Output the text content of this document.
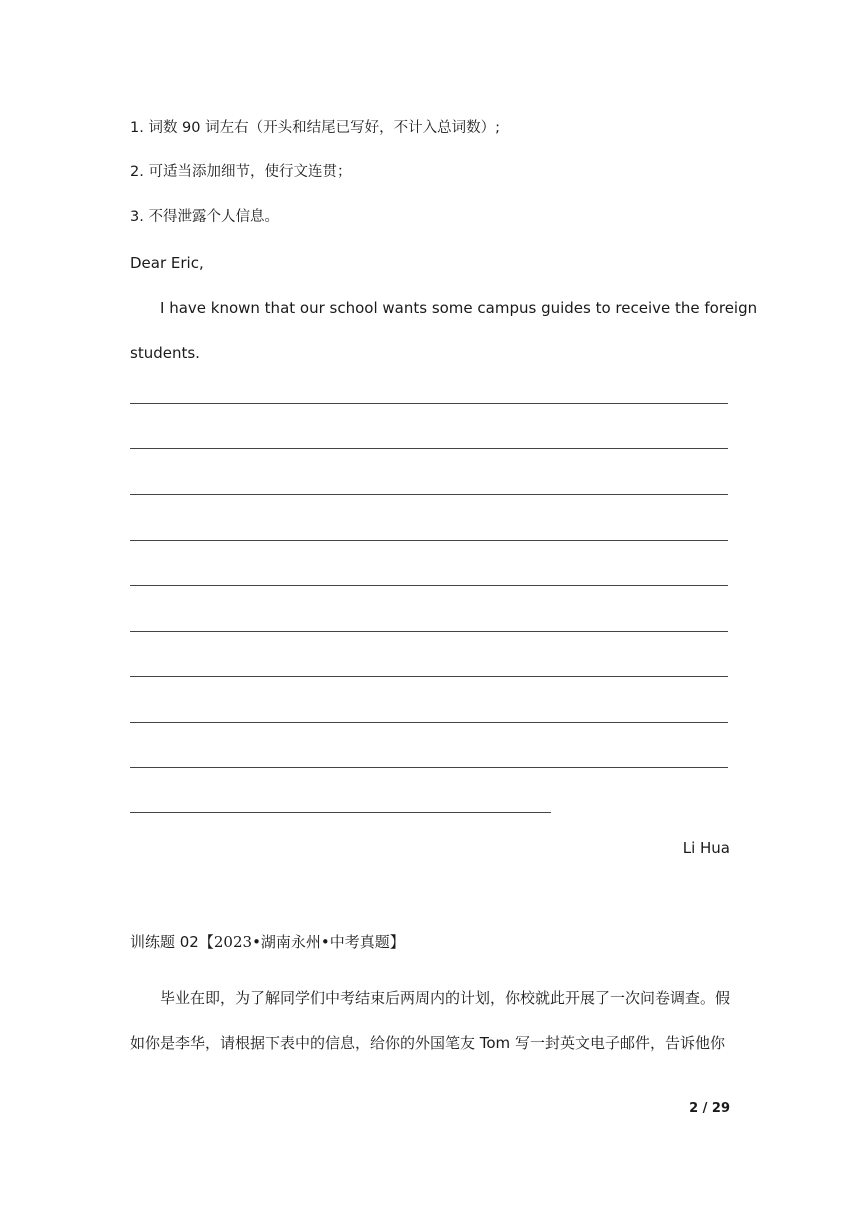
1. 词数 90 词左右（开头和结尾已写好，不计入总词数）;
2. 可适当添加细节，使行文连贯；
3. 不得泄露个人信息。
Dear Eric,
I have known that our school wants some campus guides to receive the foreign
students.
Li Hua
训练题 02【2023•湖南永州•中考真题】
毕业在即，为了解同学们中考结束后两周内的计划，你校就此开展了一次问卷调查。假
如你是李华，请根据下表中的信息，给你的外国笔友 Tom 写一封英文电子邮件，告诉他你
2 / 29
